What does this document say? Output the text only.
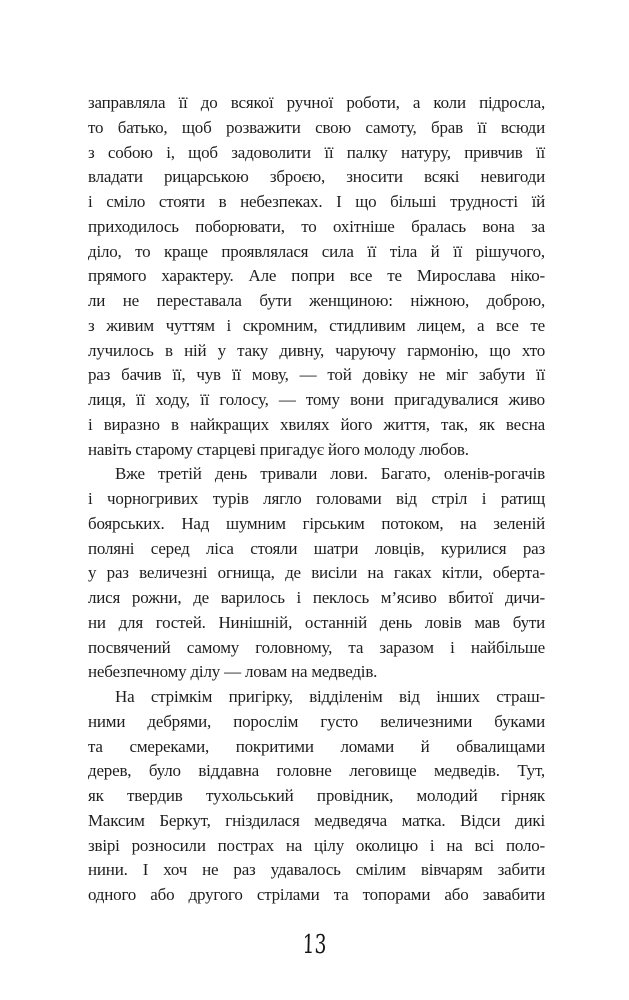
заправляла її до всякої ручної роботи, а коли підросла,
то батько, щоб розважити свою самоту, брав її всюди
з собою і, щоб задоволити її палку натуру, привчив її
владати рицарською зброєю, зносити всякі невигоди
і сміло стояти в небезпеках. І що більші трудності їй
приходилось поборювати, то охітніше бралась вона за
діло, то краще проявлялася сила її тіла й її рішучого,
прямого характеру. Але попри все те Мирослава ніко-
ли не переставала бути женщиною: ніжною, доброю,
з живим чуттям і скромним, стидливим лицем, а все те
лучилось в ній у таку дивну, чаруючу гармонію, що хто
раз бачив її, чув її мову, — той довіку не міг забути її
лиця, її ходу, її голосу, — тому вони пригадувалися живо
і виразно в найкращих хвилях його життя, так, як весна
навіть старому старцеві пригадує його молоду любов.
Вже третій день тривали лови. Багато, оленів-рогачів
і чорногривих турів лягло головами від стріл і ратищ
боярських. Над шумним гірським потоком, на зеленій
поляні серед ліса стояли шатри ловців, курилися раз
у раз величезні огнища, де висіли на гаках кітли, оберта-
лися рожни, де варилось і пеклось м’ясиво вбитої дичи-
ни для гостей. Нинішній, останній день ловів мав бути
посвячений самому головному, та заразом і найбільше
небезпечному ділу — ловам на медведів.
На стрімкім пригірку, відділенім від інших страш-
ними дебрями, порослім густо величезними буками
та смереками, покритими ломами й обвалищами
дерев, було віддавна головне леговище медведів. Тут,
як твердив тухольський провідник, молодий гірняк
Максим Беркут, гніздилася медведяча матка. Відси дикі
звірі розносили пострах на цілу околицю і на всі поло-
нини. І хоч не раз удавалось смілим вівчарям забити
одного або другого стрілами та топорами або завабити
13
